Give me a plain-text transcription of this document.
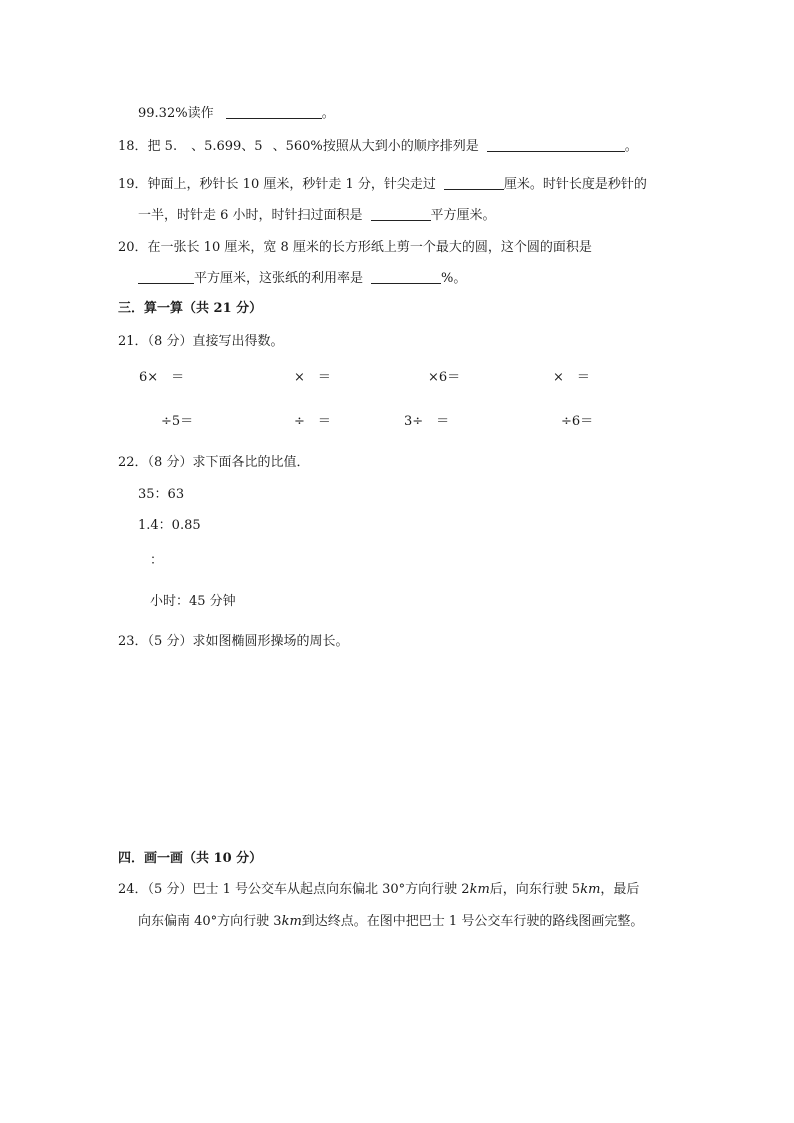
99.32%读作	。
18．把 5. 、5.699、5 、560%按照从大到小的顺序排列是	。
19．钟面上，秒针长 10 厘米，秒针走 1 分，针尖走过	厘米。时针长度是秒针的
一半，时针走 6 小时，时针扫过面积是	平方厘米。
20．在一张长 10 厘米，宽 8 厘米的长方形纸上剪一个最大的圆，这个圆的面积是
平方厘米，这张纸的利用率是	%。
三．算一算（共 21 分）
21．（8 分）直接写出得数。
6×　＝	×　＝	×6＝	×　＝
÷5＝	÷　＝	3÷　＝	÷6＝
22．（8 分）求下面各比的比值．
35：63
1.4：0.85
：
小时：45 分钟
23．（5 分）求如图椭圆形操场的周长。
四．画一画（共 10 分）
24．（5 分）巴士 1 号公交车从起点向东偏北 30°方向行驶 2km后，向东行驶 5km，最后
向东偏南 40°方向行驶 3km到达终点。在图中把巴士 1 号公交车行驶的路线图画完整。
